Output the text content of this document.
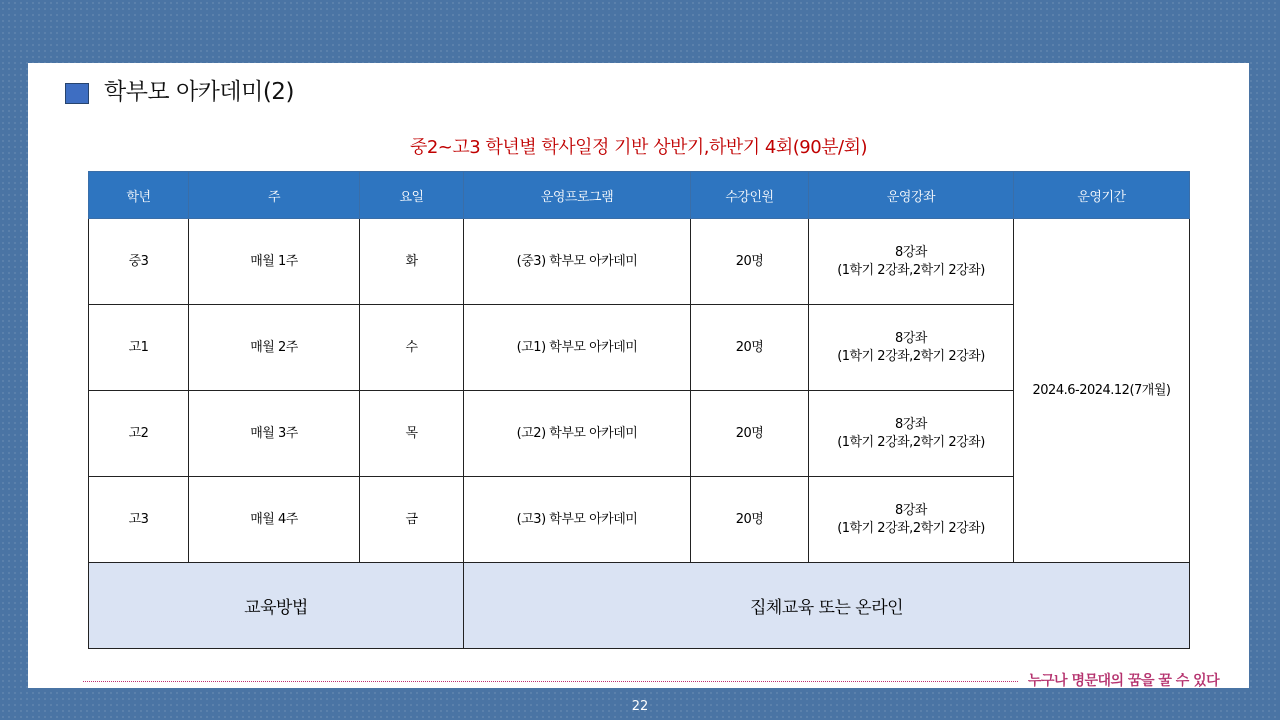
학부모 아카데미(2)
중2~고3 학년별 학사일정 기반 상반기,하반기 4회(90분/회)
학년	주	요일	운영프로그램	수강인원	운영강좌	운영기간
중3	매월 1주	화	(중3) 학부모 아카데미	20명	8강좌
(1학기 2강좌,2학기 2강좌)	2024.6-2024.12(7개월)
고1	매월 2주	수	(고1) 학부모 아카데미	20명	8강좌
(1학기 2강좌,2학기 2강좌)	
고2	매월 3주	목	(고2) 학부모 아카데미	20명	8강좌
(1학기 2강좌,2학기 2강좌)	
고3	매월 4주	금	(고3) 학부모 아카데미	20명	8강좌
(1학기 2강좌,2학기 2강좌)	
교육방법			집체교육 또는 온라인			
누구나 명문대의 꿈을 꿀 수 있다
22
